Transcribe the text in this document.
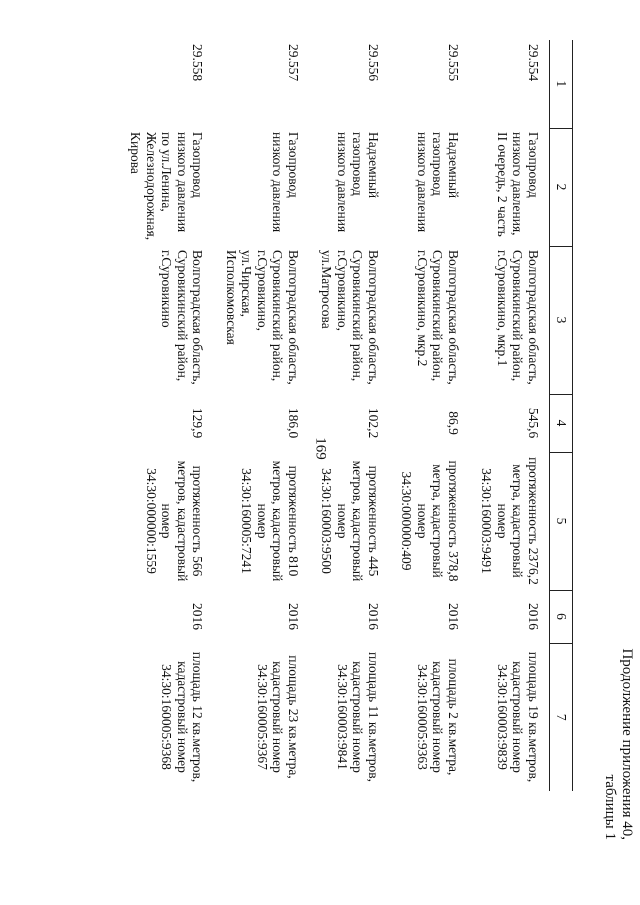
169
Продолжение приложения 40,
таблицы 1
1	2	3	4	5	6	7
29.554	Газопровод низкого давления, II очередь, 2 часть	Волгоградская область, Суровикинский район, г.Суровикино, мкр.1	545,6	протяженность 2376,2 метра, кадастровый номер 34:30:160003:9491	2016	площадь 19 кв.метров, кадастровый номер 34:30:160003:9839
29.555	Надземный газопровод низкого давления	Волгоградская область, Суровикинский район, г.Суровикино, мкр.2	86,9	протяженность 378,8 метра, кадастровый номер 34:30:000000:409	2016	площадь 2 кв.метра, кадастровый номер 34:30:160005:9363
29.556	Надземный газопровод низкого давления	Волгоградская область, Суровикинский район, г.Суровикино, ул.Матросова	102,2	протяженность 445 метров, кадастровый номер 34:30:160003:9500	2016	площадь 11 кв.метров, кадастровый номер 34:30:160003:9841
29.557	Газопровод низкого давления	Волгоградская область, Суровикинский район, г.Суровикино, ул.Чирская, Исполкомовская	186,0	протяженность 810 метров, кадастровый номер 34:30:160005:7241	2016	площадь 23 кв.метра, кадастровый номер 34:30:160005:9367
29.558	Газопровод низкого давления по ул.Ленина, Железнодорожная, Кирова	Волгоградская область, Суровикинский район, г.Суровикино	129,9	протяженность 566 метров, кадастровый номер 34:30:000000:1559	2016	площадь 12 кв.метров, кадастровый номер 34:30:160005:9368
